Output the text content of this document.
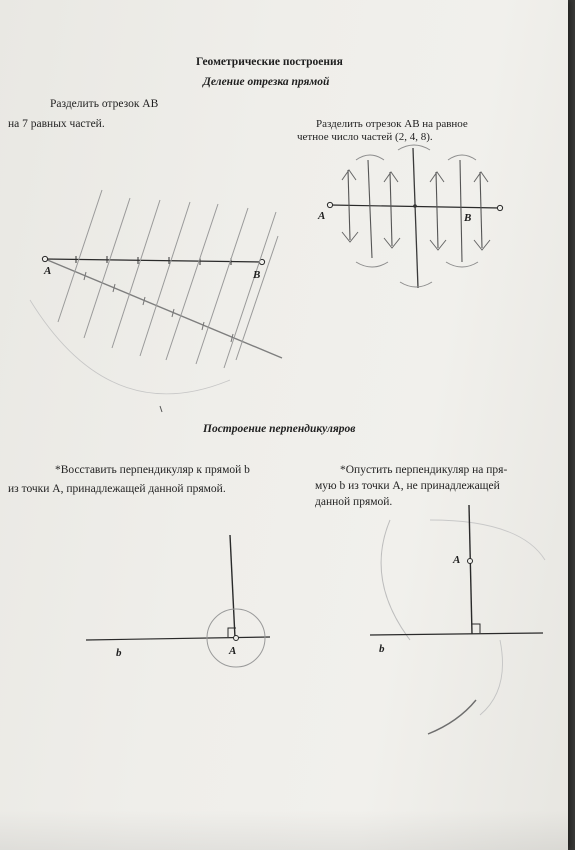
Геометрические построения
Деление отрезка прямой
Разделить отрезок AB
на 7 равных частей.	Разделить отрезок AB на равное
четное число частей (2, 4, 8).
A	B
A	B
Построение перпендикуляров
*Восставить перпендикуляр к прямой b
из точки A, принадлежащей данной прямой.
*Опустить перпендикуляр на пря-
мую b из точки A, не принадлежащей
данной прямой.
b	A
A
b
